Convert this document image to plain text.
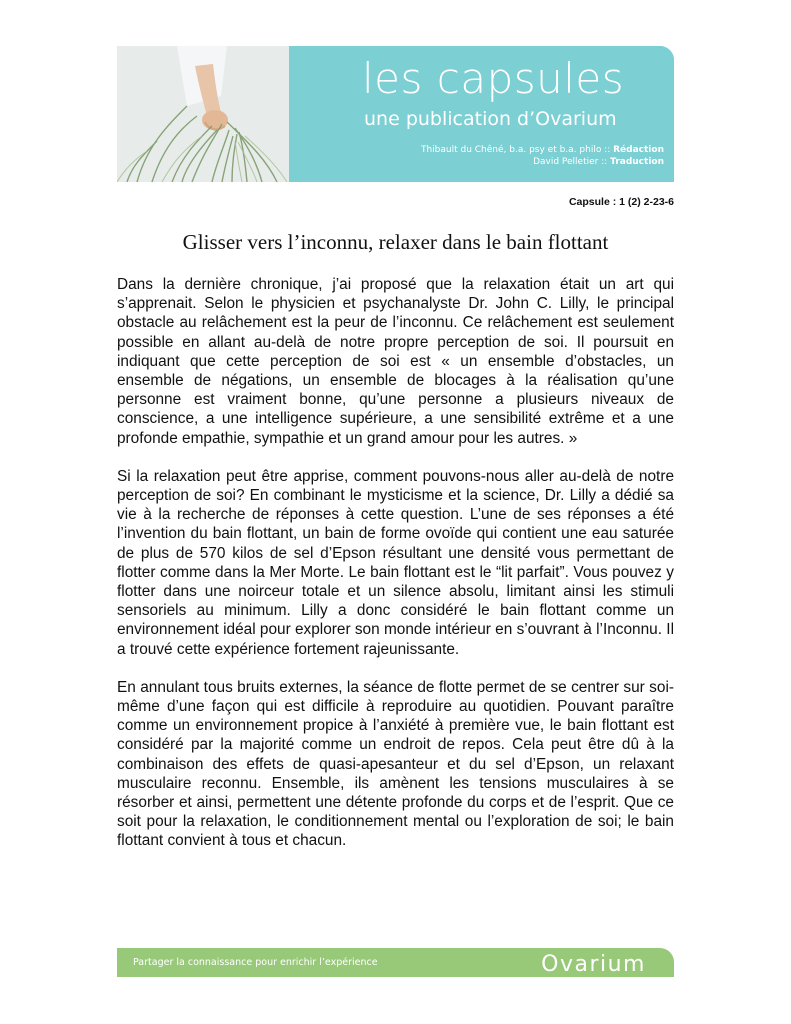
les capsules
une publication d’Ovarium
Thibault du Chêné, b.a. psy et b.a. philo :: Rédaction
David Pelletier :: Traduction
Capsule : 1 (2) 2-23-6
Glisser vers l’inconnu, relaxer dans le bain flottant

Dans la dernière chronique, j’ai proposé que la relaxation était un art qui s’apprenait. Selon le physicien et psychanalyste Dr. John C. Lilly, le principal obstacle au relâchement est la peur de l’inconnu. Ce relâchement est seulement possible en allant au-delà de notre propre perception de soi. Il poursuit en indiquant que cette perception de soi est « un ensemble d’obstacles, un ensemble de négations, un ensemble de blocages à la réalisation qu’une personne est vraiment bonne, qu’une personne a plusieurs niveaux de conscience, a une intelligence supérieure, a une sensibilité extrême et a une profonde empathie, sympathie et un grand amour pour les autres. »

Si la relaxation peut être apprise, comment pouvons-nous aller au-delà de notre perception de soi? En combinant le mysticisme et la science, Dr. Lilly a dédié sa vie à la recherche de réponses à cette question. L’une de ses réponses a été l’invention du bain flottant, un bain de forme ovoïde qui contient une eau saturée de plus de 570 kilos de sel d’Epson résultant une densité vous permettant de flotter comme dans la Mer Morte. Le bain flottant est le “lit parfait”. Vous pouvez y flotter dans une noirceur totale et un silence absolu, limitant ainsi les stimuli sensoriels au minimum. Lilly a donc considéré le bain flottant comme un environnement idéal pour explorer son monde intérieur en s’ouvrant à l’Inconnu. Il a trouvé cette expérience fortement rajeunissante.

En annulant tous bruits externes, la séance de flotte permet de se centrer sur soi-même d’une façon qui est difficile à reproduire au quotidien. Pouvant paraître comme un environnement propice à l’anxiété à première vue, le bain flottant est considéré par la majorité comme un endroit de repos. Cela peut être dû à la combinaison des effets de quasi-apesanteur et du sel d’Epson, un relaxant musculaire reconnu. Ensemble, ils amènent les tensions musculaires à se résorber et ainsi, permettent une détente profonde du corps et de l’esprit. Que ce soit pour la relaxation, le conditionnement mental ou l’exploration de soi; le bain flottant convient à tous et chacun.

Partager la connaissance pour enrichir l’expérience	Ovarium
